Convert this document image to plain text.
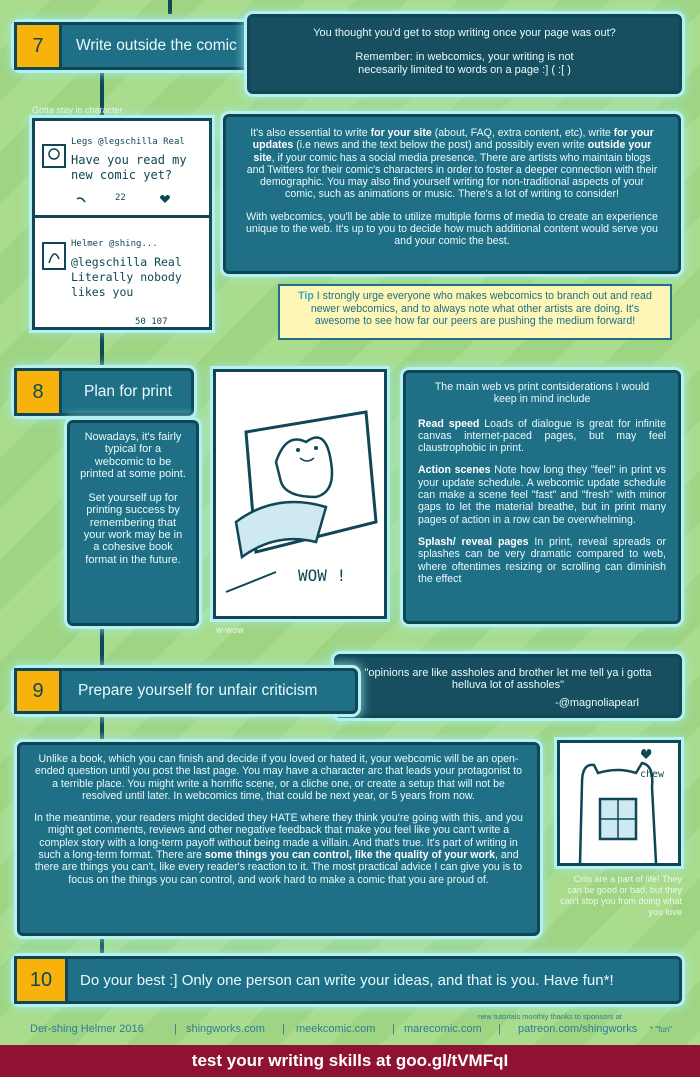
7	Write outside the comic
You thought you'd get to stop writing once your page was out?
Remember: in webcomics, your writing is not necesarily limited to words on a page :] ( :[ )
Gotta stay in character
Legs @legschilla Real
Have you read my new comic yet?
22
Helmer @shing...
@legschilla Real Literally nobody likes you
50 107
It's also essential to write for your site (about, FAQ, extra content, etc), write for your updates (i.e news and the text below the post) and possibly even write outside your site, if your comic has a social media presence. There are artists who maintain blogs and Twitters for their comic's characters in order to foster a deeper connection with their demographic. You may also find yourself writing for non-traditional aspects of your comic, such as animations or music. There's a lot of writing to consider!
With webcomics, you'll be able to utilize multiple forms of media to create an experience unique to the web. It's up to you to decide how much additional content would serve you and your comic the best.
Tip I strongly urge everyone who makes webcomics to branch out and read newer webcomics, and to always note what other artists are doing. It's awesome to see how far our peers are pushing the medium forward!
8	Plan for print
Nowadays, it's fairly typical for a webcomic to be printed at some point.
Set yourself up for printing success by remembering that your work may be in a cohesive book format in the future.
WOW !
w-wow
The main web vs print contsiderations I would keep in mind include
Read speed Loads of dialogue is great for infinite canvas internet-paced pages, but may feel claustrophobic in print.
Action scenes Note how long they "feel" in print vs your update schedule. A webcomic update schedule can make a scene feel "fast" and "fresh" with minor gaps to let the material breathe, but in print many pages of action in a row can be overwhelming.
Splash/ reveal pages In print, reveal spreads or splashes can be very dramatic compared to web, where oftentimes resizing or scrolling can diminish the effect
"opinions are like assholes and brother let me tell ya i gotta helluva lot of assholes"
-@magnoliapearl
9	Prepare yourself for unfair criticism
Unlike a book, which you can finish and decide if you loved or hated it, your webcomic will be an open-ended question until you post the last page. You may have a character arc that leads your protagonist to a terrible place. You might write a horrific scene, or a cliche one, or create a setup that will not be resolved until later. In webcomics time, that could be next year, or 5 years from now.
In the meantime, your readers might decided they HATE where they think you're going with this, and you might get comments, reviews and other negative feedback that make you feel like you can't write a complex story with a long-term payoff without being made a villain. And that's true. It's part of writing in such a long-term format. There are some things you can control, like the quality of your work, and there are things you can't, like every reader's reaction to it. The most practical advice I can give you is to focus on the things you can control, and work hard to make a comic that you are proud of.
chew
Crits are a part of life! They can be good or bad, but they can't stop you from doing what you love
10	Do your best :] Only one person can write your ideas, and that is you. Have fun*!
Der-shing Helmer 2016	| shingworks.com | meekcomic.com | marecomic.com |
new tutorials monthly thanks to sponsors at
patreon.com/shingworks * "fun"
test your writing skills at goo.gl/tVMFqI
